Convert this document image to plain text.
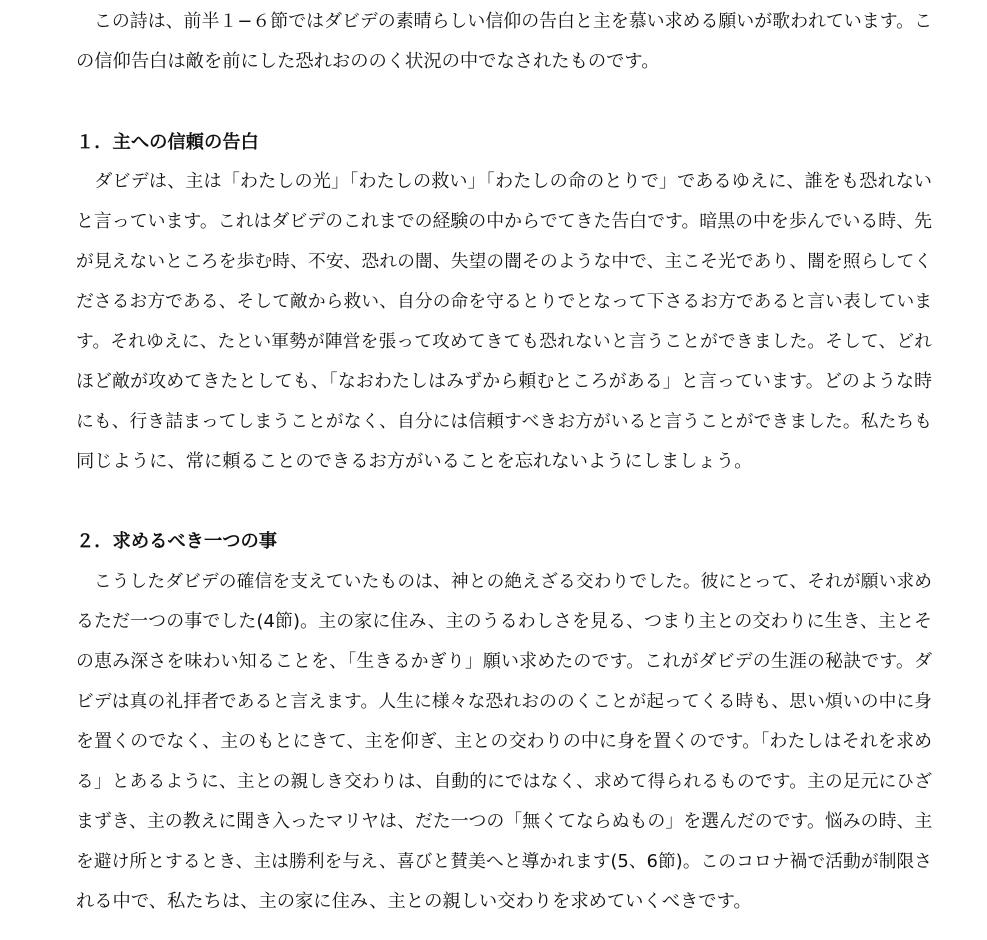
　この詩は、前半１−６節ではダビデの素晴らしい信仰の告白と主を慕い求める願いが歌われています。こ
の信仰告白は敵を前にした恐れおののく状況の中でなされたものです。
１．主への信頼の告白
　ダビデは、主は「わたしの光」「わたしの救い」「わたしの命のとりで」であるゆえに、誰をも恐れない
と言っています。これはダビデのこれまでの経験の中からでてきた告白です。暗黒の中を歩んでいる時、先
が見えないところを歩む時、不安、恐れの闇、失望の闇そのような中で、主こそ光であり、闇を照らしてく
ださるお方である、そして敵から救い、自分の命を守るとりでとなって下さるお方であると言い表していま
す。それゆえに、たとい軍勢が陣営を張って攻めてきても恐れないと言うことができました。そして、どれ
ほど敵が攻めてきたとしても、「なおわたしはみずから頼むところがある」と言っています。どのような時
にも、行き詰まってしまうことがなく、自分には信頼すべきお方がいると言うことができました。私たちも
同じように、常に頼ることのできるお方がいることを忘れないようにしましょう。
２．求めるべき一つの事
　こうしたダビデの確信を支えていたものは、神との絶えざる交わりでした。彼にとって、それが願い求め
るただ一つの事でした(4節)。主の家に住み、主のうるわしさを見る、つまり主との交わりに生き、主とそ
の恵み深さを味わい知ることを、「生きるかぎり」願い求めたのです。これがダビデの生涯の秘訣です。ダ
ビデは真の礼拝者であると言えます。人生に様々な恐れおののくことが起ってくる時も、思い煩いの中に身
を置くのでなく、主のもとにきて、主を仰ぎ、主との交わりの中に身を置くのです。「わたしはそれを求め
る」とあるように、主との親しき交わりは、自動的にではなく、求めて得られるものです。主の足元にひざ
まずき、主の教えに聞き入ったマリヤは、だた一つの「無くてならぬもの」を選んだのです。悩みの時、主
を避け所とするとき、主は勝利を与え、喜びと賛美へと導かれます(5、6節)。このコロナ禍で活動が制限さ
れる中で、私たちは、主の家に住み、主との親しい交わりを求めていくべきです。
